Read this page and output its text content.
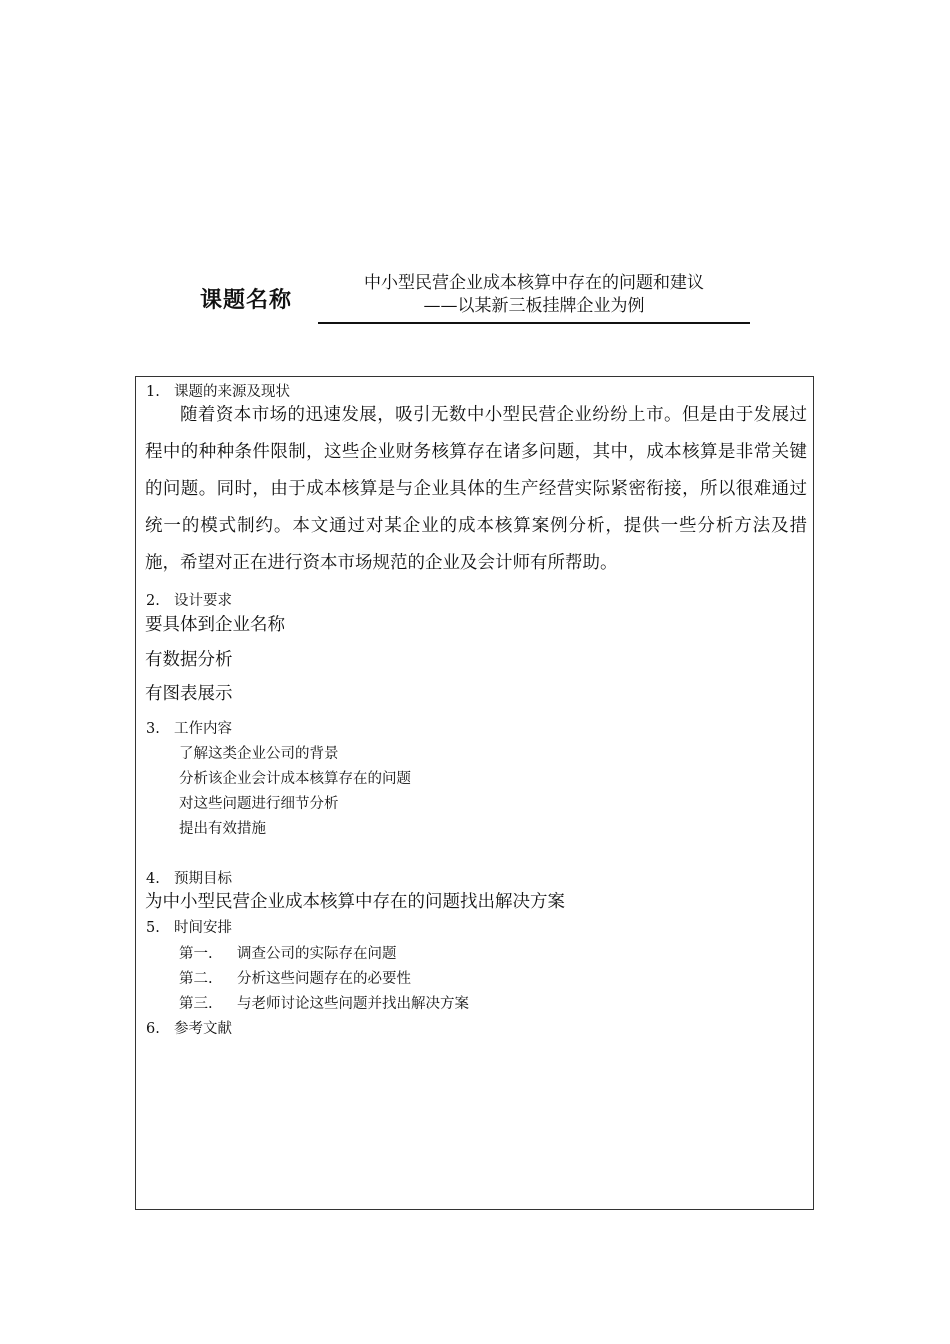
课题名称
中小型民营企业成本核算中存在的问题和建议
——以某新三板挂牌企业为例
1. 课题的来源及现状
随着资本市场的迅速发展，吸引无数中小型民营企业纷纷上市。但是由于发展过程中的种种条件限制，这些企业财务核算存在诸多问题，其中，成本核算是非常关键的问题。同时，由于成本核算是与企业具体的生产经营实际紧密衔接，所以很难通过统一的模式制约。本文通过对某企业的成本核算案例分析，提供一些分析方法及措施，希望对正在进行资本市场规范的企业及会计师有所帮助。
2. 设计要求
要具体到企业名称
有数据分析
有图表展示
3. 工作内容
了解这类企业公司的背景
分析该企业会计成本核算存在的问题
对这些问题进行细节分析
提出有效措施
4. 预期目标
为中小型民营企业成本核算中存在的问题找出解决方案
5. 时间安排
第一. 调查公司的实际存在问题
第二. 分析这些问题存在的必要性
第三. 与老师讨论这些问题并找出解决方案
6. 参考文献
